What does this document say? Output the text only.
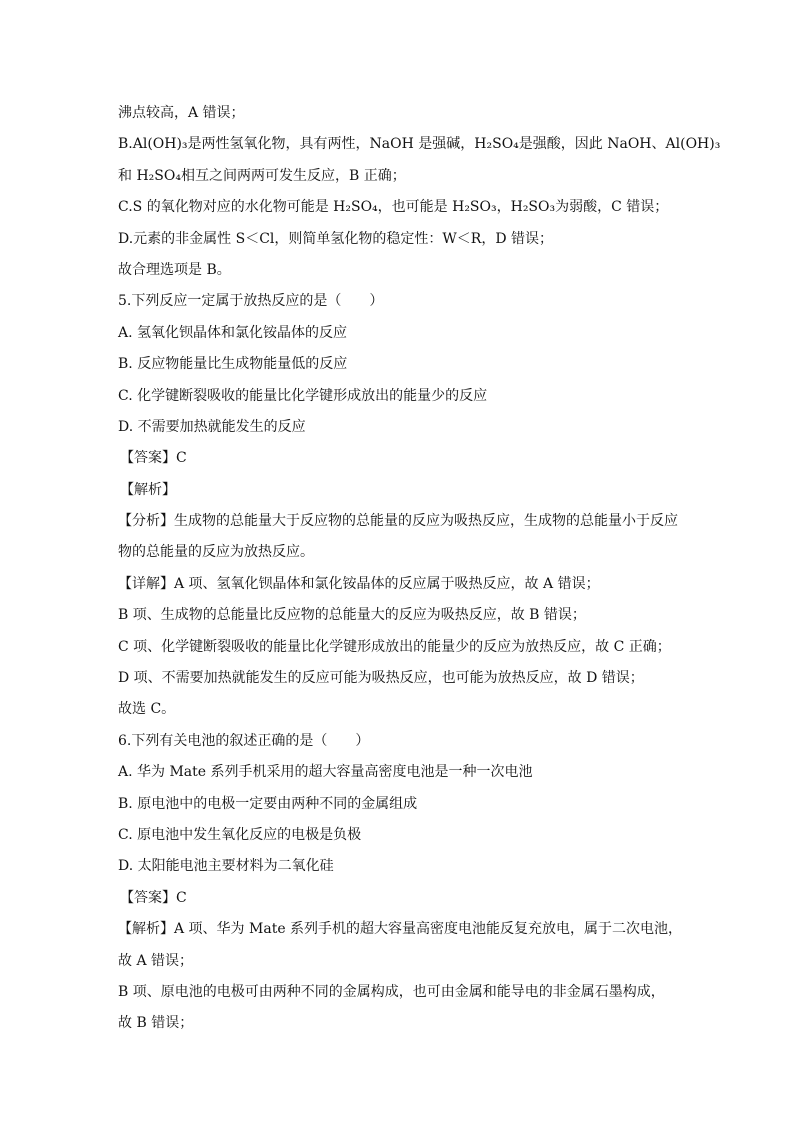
沸点较高，A 错误；
B.Al(OH)₃是两性氢氧化物，具有两性，NaOH 是强碱，H₂SO₄是强酸，因此 NaOH、Al(OH)₃
和 H₂SO₄相互之间两两可发生反应，B 正确；
C.S 的氧化物对应的水化物可能是 H₂SO₄，也可能是 H₂SO₃，H₂SO₃为弱酸，C 错误；
D.元素的非金属性 S＜Cl，则简单氢化物的稳定性：W＜R，D 错误；
故合理选项是 B。
5.下列反应一定属于放热反应的是（　　）
A. 氢氧化钡晶体和氯化铵晶体的反应
B. 反应物能量比生成物能量低的反应
C. 化学键断裂吸收的能量比化学键形成放出的能量少的反应
D. 不需要加热就能发生的反应
【答案】C
【解析】
【分析】生成物的总能量大于反应物的总能量的反应为吸热反应，生成物的总能量小于反应
物的总能量的反应为放热反应。
【详解】A 项、氢氧化钡晶体和氯化铵晶体的反应属于吸热反应，故 A 错误；
B 项、生成物的总能量比反应物的总能量大的反应为吸热反应，故 B 错误；
C 项、化学键断裂吸收的能量比化学键形成放出的能量少的反应为放热反应，故 C 正确；
D 项、不需要加热就能发生的反应可能为吸热反应，也可能为放热反应，故 D 错误；
故选 C。
6.下列有关电池的叙述正确的是（　　）
A. 华为 Mate 系列手机采用的超大容量高密度电池是一种一次电池
B. 原电池中的电极一定要由两种不同的金属组成
C. 原电池中发生氧化反应的电极是负极
D. 太阳能电池主要材料为二氧化硅
【答案】C
【解析】A 项、华为 Mate 系列手机的超大容量高密度电池能反复充放电，属于二次电池，
故 A 错误；
B 项、原电池的电极可由两种不同的金属构成，也可由金属和能导电的非金属石墨构成，
故 B 错误；
